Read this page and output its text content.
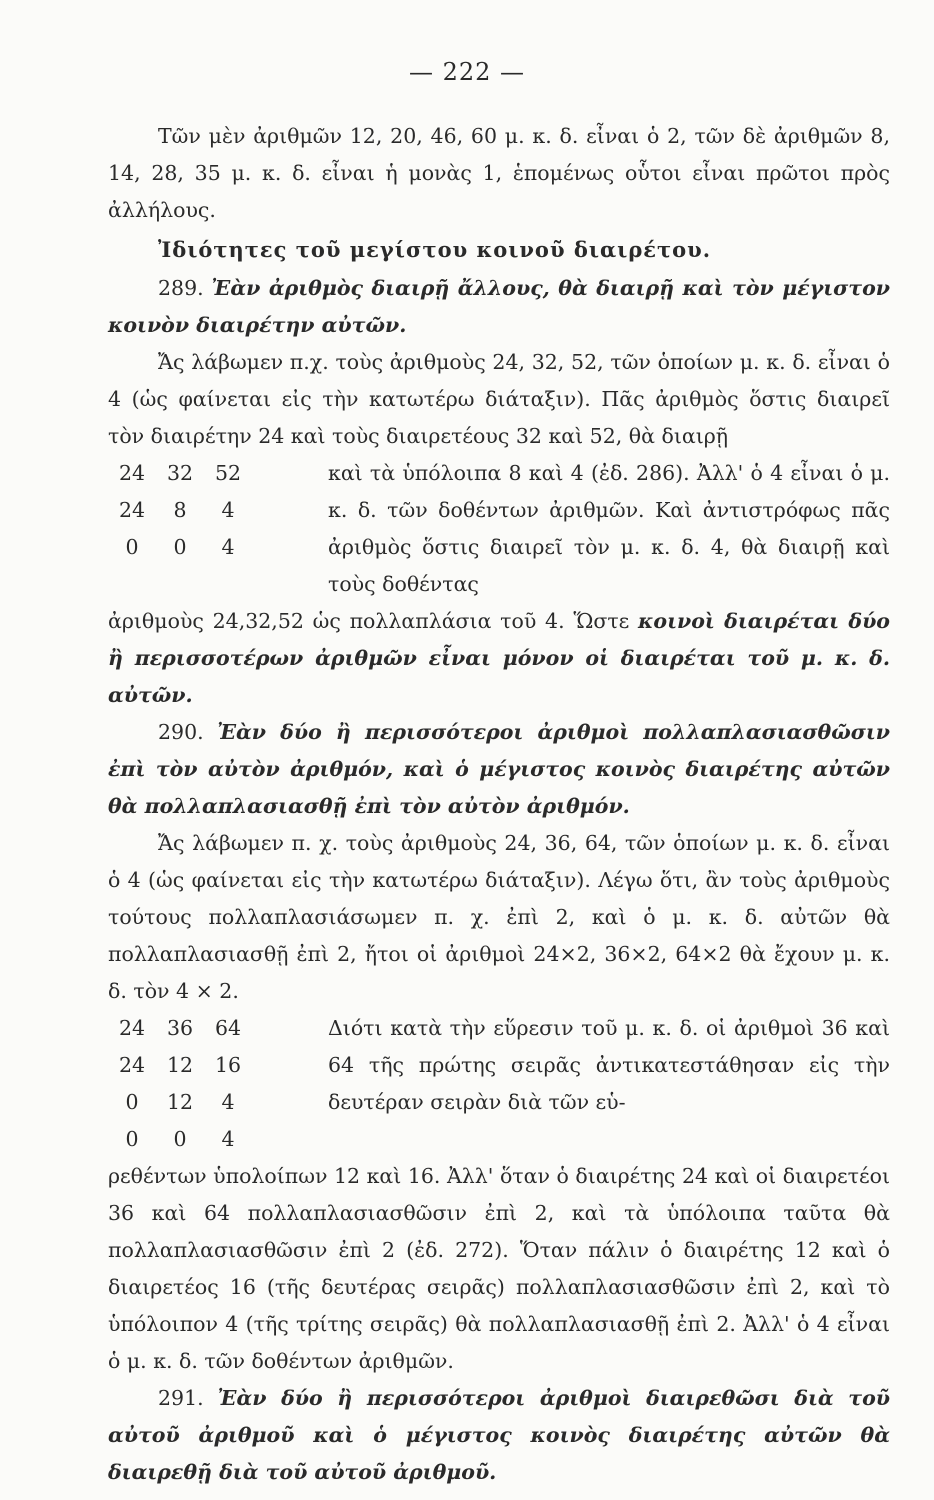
— 222 —

Τῶν μὲν ἀριθμῶν 12, 20, 46, 60 μ. κ. δ. εἶναι ὁ 2, τῶν δὲ ἀριθμῶν 8, 14, 28, 35 μ. κ. δ. εἶναι ἡ μονὰς 1, ἑπομένως οὗτοι εἶναι πρῶτοι πρὸς ἀλλήλους.

Ἰδιότητες τοῦ μεγίστου κοινοῦ διαιρέτου.

289. Ἐὰν ἀριθμὸς διαιρῇ ἄλλους, θὰ διαιρῇ καὶ τὸν μέγιστον κοινὸν διαιρέτην αὐτῶν.

Ἄς λάβωμεν π.χ. τοὺς ἀριθμοὺς 24, 32, 52, τῶν ὁποίων μ. κ. δ. εἶναι ὁ 4 (ὡς φαίνεται εἰς τὴν κατωτέρω διάταξιν). Πᾶς ἀριθμὸς ὅστις διαιρεῖ τὸν διαιρέτην 24 καὶ τοὺς διαιρετέους 32 καὶ 52, θὰ διαιρῇ

24	32	52
24	8	4
0	0	4

καὶ τὰ ὑπόλοιπα 8 καὶ 4 (ἐδ. 286). Ἀλλ' ὁ 4 εἶναι ὁ μ. κ. δ. τῶν δοθέντων ἀριθμῶν. Καὶ ἀντιστρόφως πᾶς ἀριθμὸς ὅστις διαιρεῖ τὸν μ. κ. δ. 4, θὰ διαιρῇ καὶ τοὺς δοθέντας

ἀριθμοὺς 24,32,52 ὡς πολλαπλάσια τοῦ 4. Ὥστε κοινοὶ διαιρέται δύο ἢ περισσοτέρων ἀριθμῶν εἶναι μόνον οἱ διαιρέται τοῦ μ. κ. δ. αὐτῶν.

290. Ἐὰν δύο ἢ περισσότεροι ἀριθμοὶ πολλαπλασιασθῶσιν ἐπὶ τὸν αὐτὸν ἀριθμόν, καὶ ὁ μέγιστος κοινὸς διαιρέτης αὐτῶν θὰ πολλαπλασιασθῇ ἐπὶ τὸν αὐτὸν ἀριθμόν.

Ἄς λάβωμεν π. χ. τοὺς ἀριθμοὺς 24, 36, 64, τῶν ὁποίων μ. κ. δ. εἶναι ὁ 4 (ὡς φαίνεται εἰς τὴν κατωτέρω διάταξιν). Λέγω ὅτι, ἂν τοὺς ἀριθμοὺς τούτους πολλαπλασιάσωμεν π. χ. ἐπὶ 2, καὶ ὁ μ. κ. δ. αὐτῶν θὰ πολλαπλασιασθῇ ἐπὶ 2, ἤτοι οἱ ἀριθμοὶ 24×2, 36×2, 64×2 θὰ ἔχουν μ. κ. δ. τὸν 4 × 2.

24	36	64
24	12	16
0	12	4
0	0	4

Διότι κατὰ τὴν εὕρεσιν τοῦ μ. κ. δ. οἱ ἀριθμοὶ 36 καὶ 64 τῆς πρώτης σειρᾶς ἀντικατεστάθησαν εἰς τὴν δευτέραν σειρὰν διὰ τῶν εὑ-

ρεθέντων ὑπολοίπων 12 καὶ 16. Ἀλλ' ὅταν ὁ διαιρέτης 24 καὶ οἱ διαιρετέοι 36 καὶ 64 πολλαπλασιασθῶσιν ἐπὶ 2, καὶ τὰ ὑπόλοιπα ταῦτα θὰ πολλαπλασιασθῶσιν ἐπὶ 2 (ἐδ. 272). Ὅταν πάλιν ὁ διαιρέτης 12 καὶ ὁ διαιρετέος 16 (τῆς δευτέρας σειρᾶς) πολλαπλασιασθῶσιν ἐπὶ 2, καὶ τὸ ὑπόλοιπον 4 (τῆς τρίτης σειρᾶς) θὰ πολλαπλασιασθῇ ἐπὶ 2. Ἀλλ' ὁ 4 εἶναι ὁ μ. κ. δ. τῶν δοθέντων ἀριθμῶν.

291. Ἐὰν δύο ἢ περισσότεροι ἀριθμοὶ διαιρεθῶσι διὰ τοῦ αὐτοῦ ἀριθμοῦ καὶ ὁ μέγιστος κοινὸς διαιρέτης αὐτῶν θὰ διαιρεθῇ διὰ τοῦ αὐτοῦ ἀριθμοῦ.
